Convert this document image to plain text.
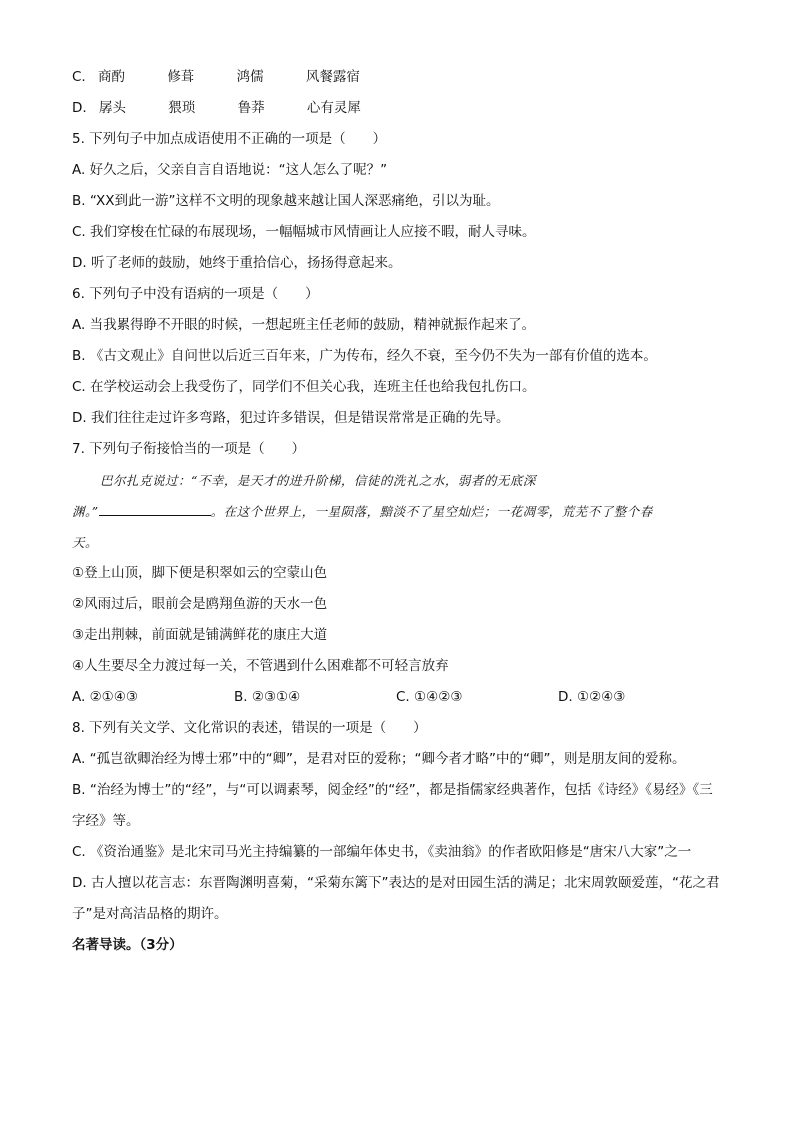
C. 商酌	修葺	鸿儒	风餐露宿
D. 孱头	猥琐	鲁莽	心有灵犀
5. 下列句子中加点成语使用不正确的一项是（　　）
A. 好久之后，父亲自言自语地说：“这人怎么了呢？”
B. “XX到此一游”这样不文明的现象越来越让国人深恶痛绝，引以为耻。
C. 我们穿梭在忙碌的布展现场，一幅幅城市风情画让人应接不暇，耐人寻味。
D. 听了老师的鼓励，她终于重拾信心，扬扬得意起来。
6. 下列句子中没有语病的一项是（　　）
A. 当我累得睁不开眼的时候，一想起班主任老师的鼓励，精神就振作起来了。
B. 《古文观止》自问世以后近三百年来，广为传布，经久不衰，至今仍不失为一部有价值的选本。
C. 在学校运动会上我受伤了，同学们不但关心我，连班主任也给我包扎伤口。
D. 我们往往走过许多弯路，犯过许多错误，但是错误常常是正确的先导。
7. 下列句子衔接恰当的一项是（　　）
巴尔扎克说过：“不幸，是天才的进升阶梯，信徒的洗礼之水，弱者的无底深
渊。”	。在这个世界上，一星陨落，黯淡不了星空灿烂；一花凋零，荒芜不了整个春
天。
①登上山顶，脚下便是积翠如云的空蒙山色
②风雨过后，眼前会是鸥翔鱼游的天水一色
③走出荆棘，前面就是铺满鲜花的康庄大道
④人生要尽全力渡过每一关，不管遇到什么困难都不可轻言放弃
A. ②①④③	B. ②③①④	C. ①④②③	D. ①②④③
8. 下列有关文学、文化常识的表述，错误的一项是（　　）
A. “孤岂欲卿治经为博士邪”中的“卿”，是君对臣的爱称；“卿今者才略”中的“卿”，则是朋友间的爱称。
B. “治经为博士”的“经”，与“可以调素琴，阅金经”的“经”，都是指儒家经典著作，包括《诗经》《易经》《三字经》等。
C. 《资治通鉴》是北宋司马光主持编纂的一部编年体史书，《卖油翁》的作者欧阳修是“唐宋八大家”之一
D. 古人擅以花言志：东晋陶渊明喜菊，“采菊东篱下”表达的是对田园生活的满足；北宋周敦颐爱莲，“花之君子”是对高洁品格的期许。
名著导读。（3分）
